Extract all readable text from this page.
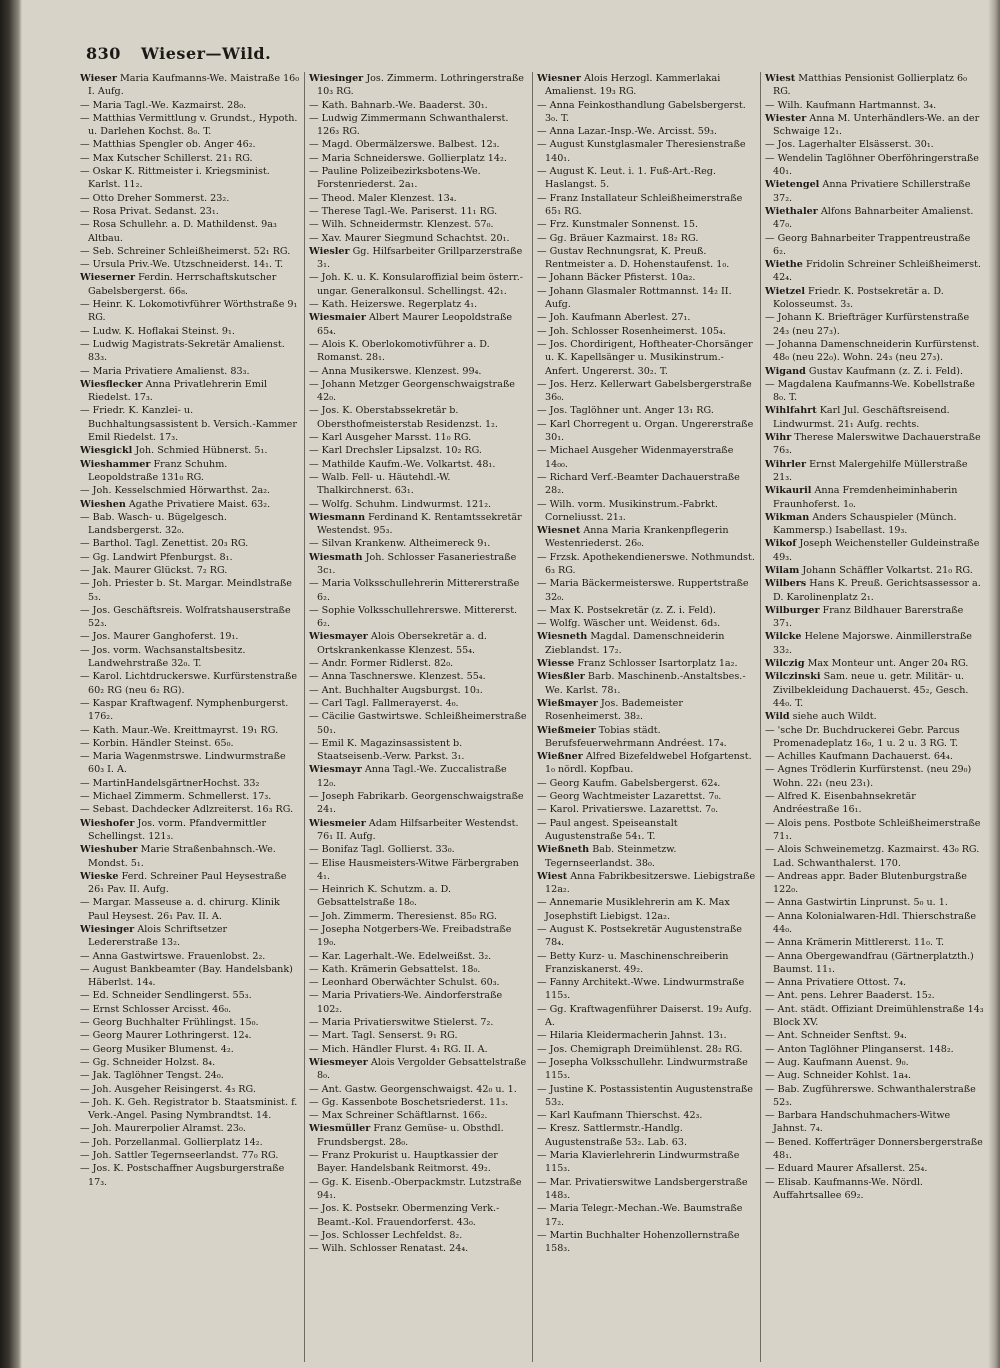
830 Wieser—Wild.

Wieser Maria Kaufmanns-We. Maistraße 16₀ I. Aufg.

— Maria Tagl.-We. Kazmairst. 28₀.

— Matthias Vermittlung v. Grundst., Hypoth. u. Darlehen Kochst. 8₀. T.

— Matthias Spengler ob. Anger 46₂.

— Max Kutscher Schillerst. 21₁ RG.

— Oskar K. Rittmeister i. Kriegsminist. Karlst. 11₂.

— Otto Dreher Sommerst. 23₂.

— Rosa Privat. Sedanst. 23₁.

— Rosa Schullehr. a. D. Mathildenst. 9a₃ Altbau.

— Seb. Schreiner Schleißheimerst. 52₁ RG.

— Ursula Priv.-We. Utzschneiderst. 14₁. T.

Wieserner Ferdin. Herrschaftskutscher Gabelsbergerst. 66₈.

— Heinr. K. Lokomotivführer Wörthstraße 9₁ RG.

— Ludw. K. Hoflakai Steinst. 9₁.

— Ludwig Magistrats-Sekretär Amalienst. 83₃.

— Maria Privatiere Amalienst. 83₃.

Wiesflecker Anna Privatlehrerin Emil Riedelst. 17₃.

— Friedr. K. Kanzlei- u. Buchhaltungsassistent b. Versich.-Kammer Emil Riedelst. 17₃.

Wiesgickl Joh. Schmied Hübnerst. 5₁.

Wieshammer Franz Schuhm. Leopoldstraße 131₀ RG.

— Joh. Kesselschmied Hörwarthst. 2a₂.

Wieshen Agathe Privatiere Maist. 63₂.

— Bab. Wasch- u. Bügelgesch. Landsbergerst. 32₀.

— Barthol. Tagl. Zenettist. 20₃ RG.

— Gg. Landwirt Pfenburgst. 8₁.

— Jak. Maurer Glückst. 7₂ RG.

— Joh. Priester b. St. Margar. Meindlstraße 5₃.

— Jos. Geschäftsreis. Wolfratshauserstraße 52₃.

— Jos. Maurer Ganghoferst. 19₁.

— Jos. vorm. Wachsanstaltsbesitz. Landwehrstraße 32₀. T.

— Karol. Lichtdruckerswe. Kurfürstenstraße 60₂ RG (neu 6₂ RG).

— Kaspar Kraftwagenf. Nymphenburgerst. 176₂.

— Kath. Maur.-We. Kreittmayrst. 19₁ RG.

— Korbin. Händler Steinst. 65₀.

— Maria Wagenmstrswe. Lindwurmstraße 60₃ I. A.

— MartinHandelsgärtnerHochst. 33₂

— Michael Zimmerm. Schmellerst. 17₃.

— Sebast. Dachdecker Adlzreiterst. 16₃ RG.

Wieshofer Jos. vorm. Pfandvermittler Schellingst. 121₃.

Wieshuber Marie Straßenbahnsch.-We. Mondst. 5₁.

Wieske Ferd. Schreiner Paul Heysestraße 26₁ Pav. II. Aufg.

— Margar. Masseuse a. d. chirurg. Klinik Paul Heysest. 26₁ Pav. II. A.

Wiesinger Alois Schriftsetzer Ledererstraße 13₂.

— Anna Gastwirtswe. Frauenlobst. 2₂.

— August Bankbeamter (Bay. Handelsbank) Häberlst. 14₄.

— Ed. Schneider Sendlingerst. 55₃.

— Ernst Schlosser Arcisst. 46₀.

— Georg Buchhalter Frühlingst. 15₀.

— Georg Maurer Lothringerst. 12₄.

— Georg Musiker Blumenst. 4₂.

— Gg. Schneider Holzst. 8₄.

— Jak. Taglöhner Tengst. 24₀.

— Joh. Ausgeher Reisingerst. 4₃ RG.

— Joh. K. Geh. Registrator b. Staatsminist. f. Verk.-Angel. Pasing Nymbrandtst. 14.

— Joh. Maurerpolier Alramst. 23₀.

— Joh. Porzellanmal. Gollierplatz 14₂.

— Joh. Sattler Tegernseerlandst. 77₀ RG.

— Jos. K. Postschaffner Augsburgerstraße 17₃.

Wiesinger Jos. Zimmerm. Lothringerstraße 10₃ RG.

— Kath. Bahnarb.-We. Baaderst. 30₁.

— Ludwig Zimmermann Schwanthalerst. 126₃ RG.

— Magd. Obermälzerswe. Balbest. 12₃.

— Maria Schneiderswe. Gollierplatz 14₂.

— Pauline Polizeibezirksbotens-We. Forstenriederst. 2a₁.

— Theod. Maler Klenzest. 13₄.

— Therese Tagl.-We. Pariserst. 11₁ RG.

— Wilh. Schneidermstr. Klenzest. 57₀.

— Xav. Maurer Siegmund Schachtst. 20₁.

Wiesler Gg. Hilfsarbeiter Grillparzerstraße 3₁.

— Joh. K. u. K. Konsularoffizial beim österr.-ungar. Generalkonsul. Schellingst. 42₁.

— Kath. Heizerswe. Regerplatz 4₁.

Wiesmaier Albert Maurer Leopoldstraße 65₄.

— Alois K. Oberlokomotivführer a. D. Romanst. 28₁.

— Anna Musikerswe. Klenzest. 99₄.

— Johann Metzger Georgenschwaigstraße 42₀.

— Jos. K. Oberstabssekretär b. Obersthofmeisterstab Residenzst. 1₂.

— Karl Ausgeher Marsst. 11₀ RG.

— Karl Drechsler Lipsalzst. 10₂ RG.

— Mathilde Kaufm.-We. Volkartst. 48₁.

— Walb. Fell- u. Häutehdl.-W. Thalkirchnerst. 63₁.

— Wolfg. Schuhm. Lindwurmst. 121₂.

Wiesmann Ferdinand K. Rentamtssekretär Westendst. 95₃.

— Silvan Krankenw. Altheimereck 9₁.

Wiesmath Joh. Schlosser Fasaneriestraße 3c₁.

— Maria Volksschullehrerin Mittererstraße 6₂.

— Sophie Volksschullehrerswe. Mittererst. 6₂.

Wiesmayer Alois Obersekretär a. d. Ortskrankenkasse Klenzest. 55₄.

— Andr. Former Ridlerst. 82₀.

— Anna Taschnerswe. Klenzest. 55₄.

— Ant. Buchhalter Augsburgst. 10₃.

— Carl Tagl. Fallmerayerst. 4₀.

— Cäcilie Gastwirtswe. Schleißheimerstraße 50₁.

— Emil K. Magazinsassistent b. Staatseisenb.-Verw. Parkst. 3₁.

Wiesmayr Anna Tagl.-We. Zuccalistraße 12₀.

— Joseph Fabrikarb. Georgenschwaigstraße 24₁.

Wiesmeier Adam Hilfsarbeiter Westendst. 76₁ II. Aufg.

— Bonifaz Tagl. Gollierst. 33₀.

— Elise Hausmeisters-Witwe Färbergraben 4₁.

— Heinrich K. Schutzm. a. D. Gebsattelstraße 18₀.

— Joh. Zimmerm. Theresienst. 85₀ RG.

— Josepha Notgerbers-We. Freibadstraße 19₀.

— Kar. Lagerhalt.-We. Edelweißst. 3₂.

— Kath. Krämerin Gebsattelst. 18₀.

— Leonhard Oberwächter Schulst. 60₃.

— Maria Privatiers-We. Aindorferstraße 102₂.

— Maria Privatierswitwe Stielerst. 7₂.

— Mart. Tagl. Senserst. 9₁ RG.

— Mich. Händler Flurst. 4₁ RG. II. A.

Wiesmeyer Alois Vergolder Gebsattelstraße 8₀.

— Ant. Gastw. Georgenschwaigst. 42₀ u. 1.

— Gg. Kassenbote Boschetsriederst. 11₃.

— Max Schreiner Schäftlarnst. 166₂.

Wiesmüller Franz Gemüse- u. Obsthdl. Frundsbergst. 28₀.

— Franz Prokurist u. Hauptkassier der Bayer. Handelsbank Reitmorst. 49₂.

— Gg. K. Eisenb.-Oberpackmstr. Lutzstraße 94₁.

— Jos. K. Postsekr. Obermenzing Verk.-Beamt.-Kol. Frauendorferst. 43₀.

— Jos. Schlosser Lechfeldst. 8₂.

— Wilh. Schlosser Renatast. 24₄.

Wiesner Alois Herzogl. Kammerlakai Amalienst. 19₃ RG.

— Anna Feinkosthandlung Gabelsbergerst. 3₀. T.

— Anna Lazar.-Insp.-We. Arcisst. 59₃.

— August Kunstglasmaler Theresienstraße 140₁.

— August K. Leut. i. 1. Fuß-Art.-Reg. Haslangst. 5.

— Franz Installateur Schleißheimerstraße 65₁ RG.

— Frz. Kunstmaler Sonnenst. 15.

— Gg. Bräuer Kazmairst. 18₂ RG.

— Gustav Rechnungsrat, K. Preuß. Rentmeister a. D. Hohenstaufenst. 1₀.

— Johann Bäcker Pfisterst. 10a₂.

— Johann Glasmaler Rottmannst. 14₂ II. Aufg.

— Joh. Kaufmann Aberlest. 27₁.

— Joh. Schlosser Rosenheimerst. 105₄.

— Jos. Chordirigent, Hoftheater-Chorsänger u. K. Kapellsänger u. Musikinstrum.-Anfert. Ungererst. 30₂. T.

— Jos. Herz. Kellerwart Gabelsbergerstraße 36₀.

— Jos. Taglöhner unt. Anger 13₁ RG.

— Karl Chorregent u. Organ. Ungererstraße 30₁.

— Michael Ausgeher Widenmayerstraße 14₀₀.

— Richard Verf.-Beamter Dachauerstraße 28₂.

— Wilh. vorm. Musikinstrum.-Fabrkt. Corneliusst. 21₃.

Wiesnet Anna Maria Krankenpflegerin Westenriederst. 26₀.

— Frzsk. Apothekendienerswe. Nothmundst. 6₃ RG.

— Maria Bäckermeisterswe. Ruppertstraße 32₀.

— Max K. Postsekretär (z. Z. i. Feld).

— Wolfg. Wäscher unt. Weidenst. 6d₃.

Wiesneth Magdal. Damenschneiderin Zieblandst. 17₂.

Wiesse Franz Schlosser Isartorplatz 1a₂.

Wiesßler Barb. Maschinenb.-Anstaltsbes.-We. Karlst. 78₁.

Wießmayer Jos. Bademeister Rosenheimerst. 38₂.

Wießmeier Tobias städt. Berufsfeuerwehrmann Andréest. 17₄.

Wießner Alfred Bizefeldwebel Hofgartenst. 1₀ nördl. Kopfbau.

— Georg Kaufm. Gabelsbergerst. 62₄.

— Georg Wachtmeister Lazarettst. 7₀.

— Karol. Privatierswe. Lazarettst. 7₀.

— Paul angest. Speiseanstalt Augustenstraße 54₁. T.

Wießneth Bab. Steinmetzw. Tegernseerlandst. 38₀.

Wiest Anna Fabrikbesitzerswe. Liebigstraße 12a₂.

— Annemarie Musiklehrerin am K. Max Josephstift Liebigst. 12a₂.

— August K. Postsekretär Augustenstraße 78₄.

— Betty Kurz- u. Maschinenschreiberin Franziskanerst. 49₂.

— Fanny Architekt.-Wwe. Lindwurmstraße 115₃.

— Gg. Kraftwagenführer Daiserst. 19₂ Aufg. A.

— Hilaria Kleidermacherin Jahnst. 13₁.

— Jos. Chemigraph Dreimühlenst. 28₂ RG.

— Josepha Volksschullehr. Lindwurmstraße 115₃.

— Justine K. Postassistentin Augustenstraße 53₂.

— Karl Kaufmann Thierschst. 42₃.

— Kresz. Sattlermstr.-Handlg. Augustenstraße 53₂. Lab. 63.

— Maria Klavierlehrerin Lindwurmstraße 115₃.

— Mar. Privatierswitwe Landsbergerstraße 148₃.

— Maria Telegr.-Mechan.-We. Baumstraße 17₂.

— Martin Buchhalter Hohenzollernstraße 158₃.

Wiest Matthias Pensionist Gollierplatz 6₀ RG.

— Wilh. Kaufmann Hartmannst. 3₄.

Wiester Anna M. Unterhändlers-We. an der Schwaige 12₁.

— Jos. Lagerhalter Elsässerst. 30₁.

— Wendelin Taglöhner Oberföhringerstraße 40₁.

Wietengel Anna Privatiere Schillerstraße 37₂.

Wiethaler Alfons Bahnarbeiter Amalienst. 47₀.

— Georg Bahnarbeiter Trappentreustraße 6₂.

Wiethe Fridolin Schreiner Schleißheimerst. 42₄.

Wietzel Friedr. K. Postsekretär a. D. Kolosseumst. 3₃.

— Johann K. Briefträger Kurfürstenstraße 24₃ (neu 27₃).

— Johanna Damenschneiderin Kurfürstenst. 48₀ (neu 22₀). Wohn. 24₃ (neu 27₃).

Wigand Gustav Kaufmann (z. Z. i. Feld).

— Magdalena Kaufmanns-We. Kobellstraße 8₀. T.

Wihlfahrt Karl Jul. Geschäftsreisend. Lindwurmst. 21₁ Aufg. rechts.

Wihr Therese Malerswitwe Dachauerstraße 76₃.

Wihrler Ernst Malergehilfe Müllerstraße 21₃.

Wikauril Anna Fremdenheiminhaberin Fraunhoferst. 1₀.

Wikman Anders Schauspieler (Münch. Kammersp.) Isabellast. 19₃.

Wikof Joseph Weichensteller Guldeinstraße 49₃.

Wilam Johann Schäffler Volkartst. 21₀ RG.

Wilbers Hans K. Preuß. Gerichtsassessor a. D. Karolinenplatz 2₁.

Wilburger Franz Bildhauer Barerstraße 37₁.

Wilcke Helene Majorswe. Ainmillerstraße 33₂.

Wilczig Max Monteur unt. Anger 20₄ RG.

Wilczinski Sam. neue u. getr. Militär- u. Zivilbekleidung Dachauerst. 45₂, Gesch. 44₀. T.

Wild siehe auch Wildt.

— 'sche Dr. Buchdruckerei Gebr. Parcus Promenadeplatz 16₀, 1 u. 2 u. 3 RG. T.

— Achilles Kaufmann Dachauerst. 64₄.

— Agnes Trödlerin Kurfürstenst. (neu 29₀) Wohn. 22₁ (neu 23₁).

— Alfred K. Eisenbahnsekretär Andréestraße 16₁.

— Alois pens. Postbote Schleißheimerstraße 71₁.

— Alois Schweinemetzg. Kazmairst. 43₀ RG. Lad. Schwanthalerst. 170.

— Andreas appr. Bader Blutenburgstraße 122₀.

— Anna Gastwirtin Linprunst. 5₀ u. 1.

— Anna Kolonialwaren-Hdl. Thierschstraße 44₀.

— Anna Krämerin Mittlererst. 11₀. T.

— Anna Obergewandfrau (Gärtnerplatzth.) Baumst. 11₁.

— Anna Privatiere Ottost. 7₄.

— Ant. pens. Lehrer Baaderst. 15₂.

— Ant. städt. Offiziant Dreimühlenstraße 14₃ Block XV.

— Ant. Schneider Senftst. 9₄.

— Anton Taglöhner Plinganserst. 148₂.

— Aug. Kaufmann Auenst. 9₀.

— Aug. Schneider Kohlst. 1a₄.

— Bab. Zugführerswe. Schwanthalerstraße 52₃.

— Barbara Handschuhmachers-Witwe Jahnst. 7₄.

— Bened. Kofferträger Donnersbergerstraße 48₁.

— Eduard Maurer Afsallerst. 25₄.

— Elisab. Kaufmanns-We. Nördl. Auffahrtsallee 69₂.
